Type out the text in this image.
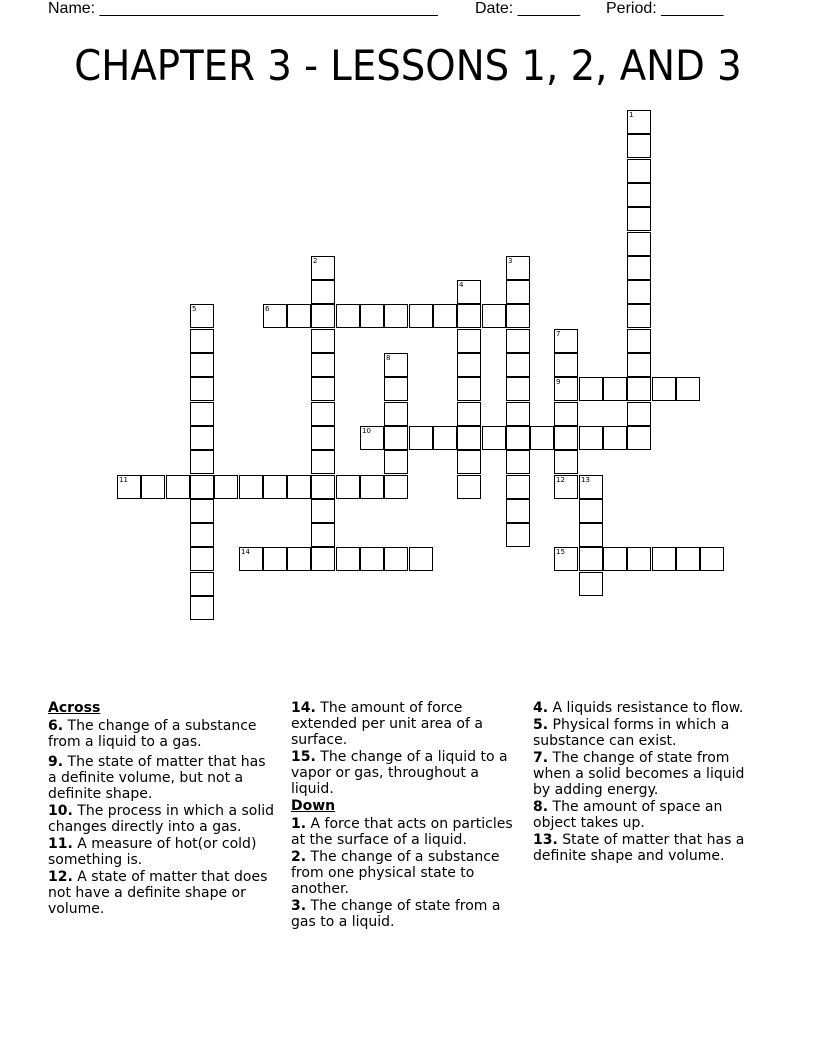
Name: ______________________________________ Date: _______ Period: _______
CHAPTER 3 - LESSONS 1, 2, AND 3
1
2	3
4
5	6
7
9
12
8
10
11	13
14	15
Across
6. The change of a substance from a liquid to a gas.
9. The state of matter that has a definite volume, but not a definite shape.
10. The process in which a solid changes directly into a gas.
11. A measure of hot(or cold) something is.
12. A state of matter that does not have a definite shape or volume.
14. The amount of force extended per unit area of a surface.
15. The change of a liquid to a vapor or gas, throughout a liquid.
Down
1. A force that acts on particles at the surface of a liquid.
2. The change of a substance from one physical state to another.
3. The change of state from a gas to a liquid.
4. A liquids resistance to flow.
5. Physical forms in which a substance can exist.
7. The change of state from when a solid becomes a liquid by adding energy.
8. The amount of space an object takes up.
13. State of matter that has a definite shape and volume.
